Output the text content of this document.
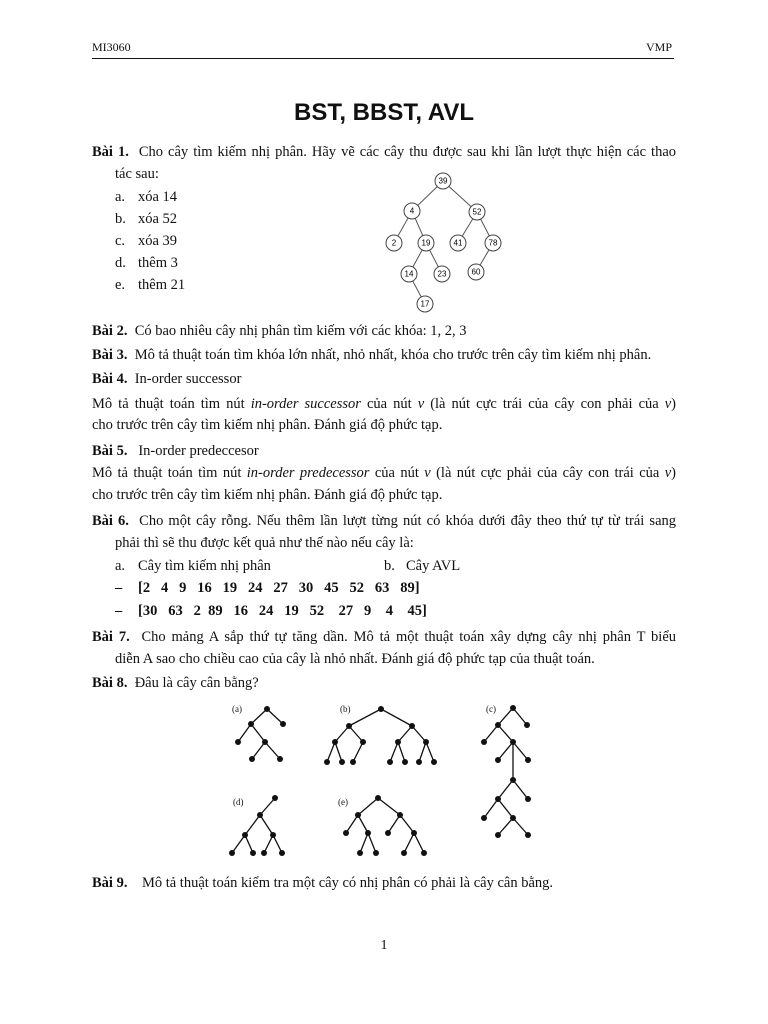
MI3060	VMP
BST, BBST, AVL
Bài 1. Cho cây tìm kiếm nhị phân. Hãy vẽ các cây thu được sau khi lần lượt thực hiện các thao
tác sau:
a. xóa 14
b. xóa 52
c. xóa 39
d. thêm 3
e. thêm 21
39
4	52
2	19	41	78
14	23	60
17
Bài 2. Có bao nhiêu cây nhị phân tìm kiếm với các khóa: 1, 2, 3
Bài 3. Mô tả thuật toán tìm khóa lớn nhất, nhỏ nhất, khóa cho trước trên cây tìm kiếm nhị phân.
Bài 4. In-order successor
Mô tả thuật toán tìm nút in-order successor của nút v (là nút cực trái của cây con phải của v)
cho trước trên cây tìm kiếm nhị phân. Đánh giá độ phức tạp.
Bài 5. In-order predeccesor
Mô tả thuật toán tìm nút in-order predecessor của nút v (là nút cực phải của cây con trái của v)
cho trước trên cây tìm kiếm nhị phân. Đánh giá độ phức tạp.
Bài 6. Cho một cây rỗng. Nếu thêm lần lượt từng nút có khóa dưới đây theo thứ tự từ trái sang
phải thì sẽ thu được kết quả như thế nào nếu cây là:
a. Cây tìm kiếm nhị phân	b. Cây AVL
– [2   4   9   16   19   24   27   30   45   52   63   89]
– [30   63   2  89   16   24   19   52    27   9    4    45]
Bài 7. Cho mảng A sắp thứ tự tăng dần. Mô tả một thuật toán xây dựng cây nhị phân T biểu
diễn A sao cho chiều cao của cây là nhỏ nhất. Đánh giá độ phức tạp của thuật toán.
Bài 8. Đâu là cây cân bằng?
(a)	(b)	(c)
(d)	(e)
Bài 9. Mô tả thuật toán kiểm tra một cây có nhị phân có phải là cây cân bằng.
1
